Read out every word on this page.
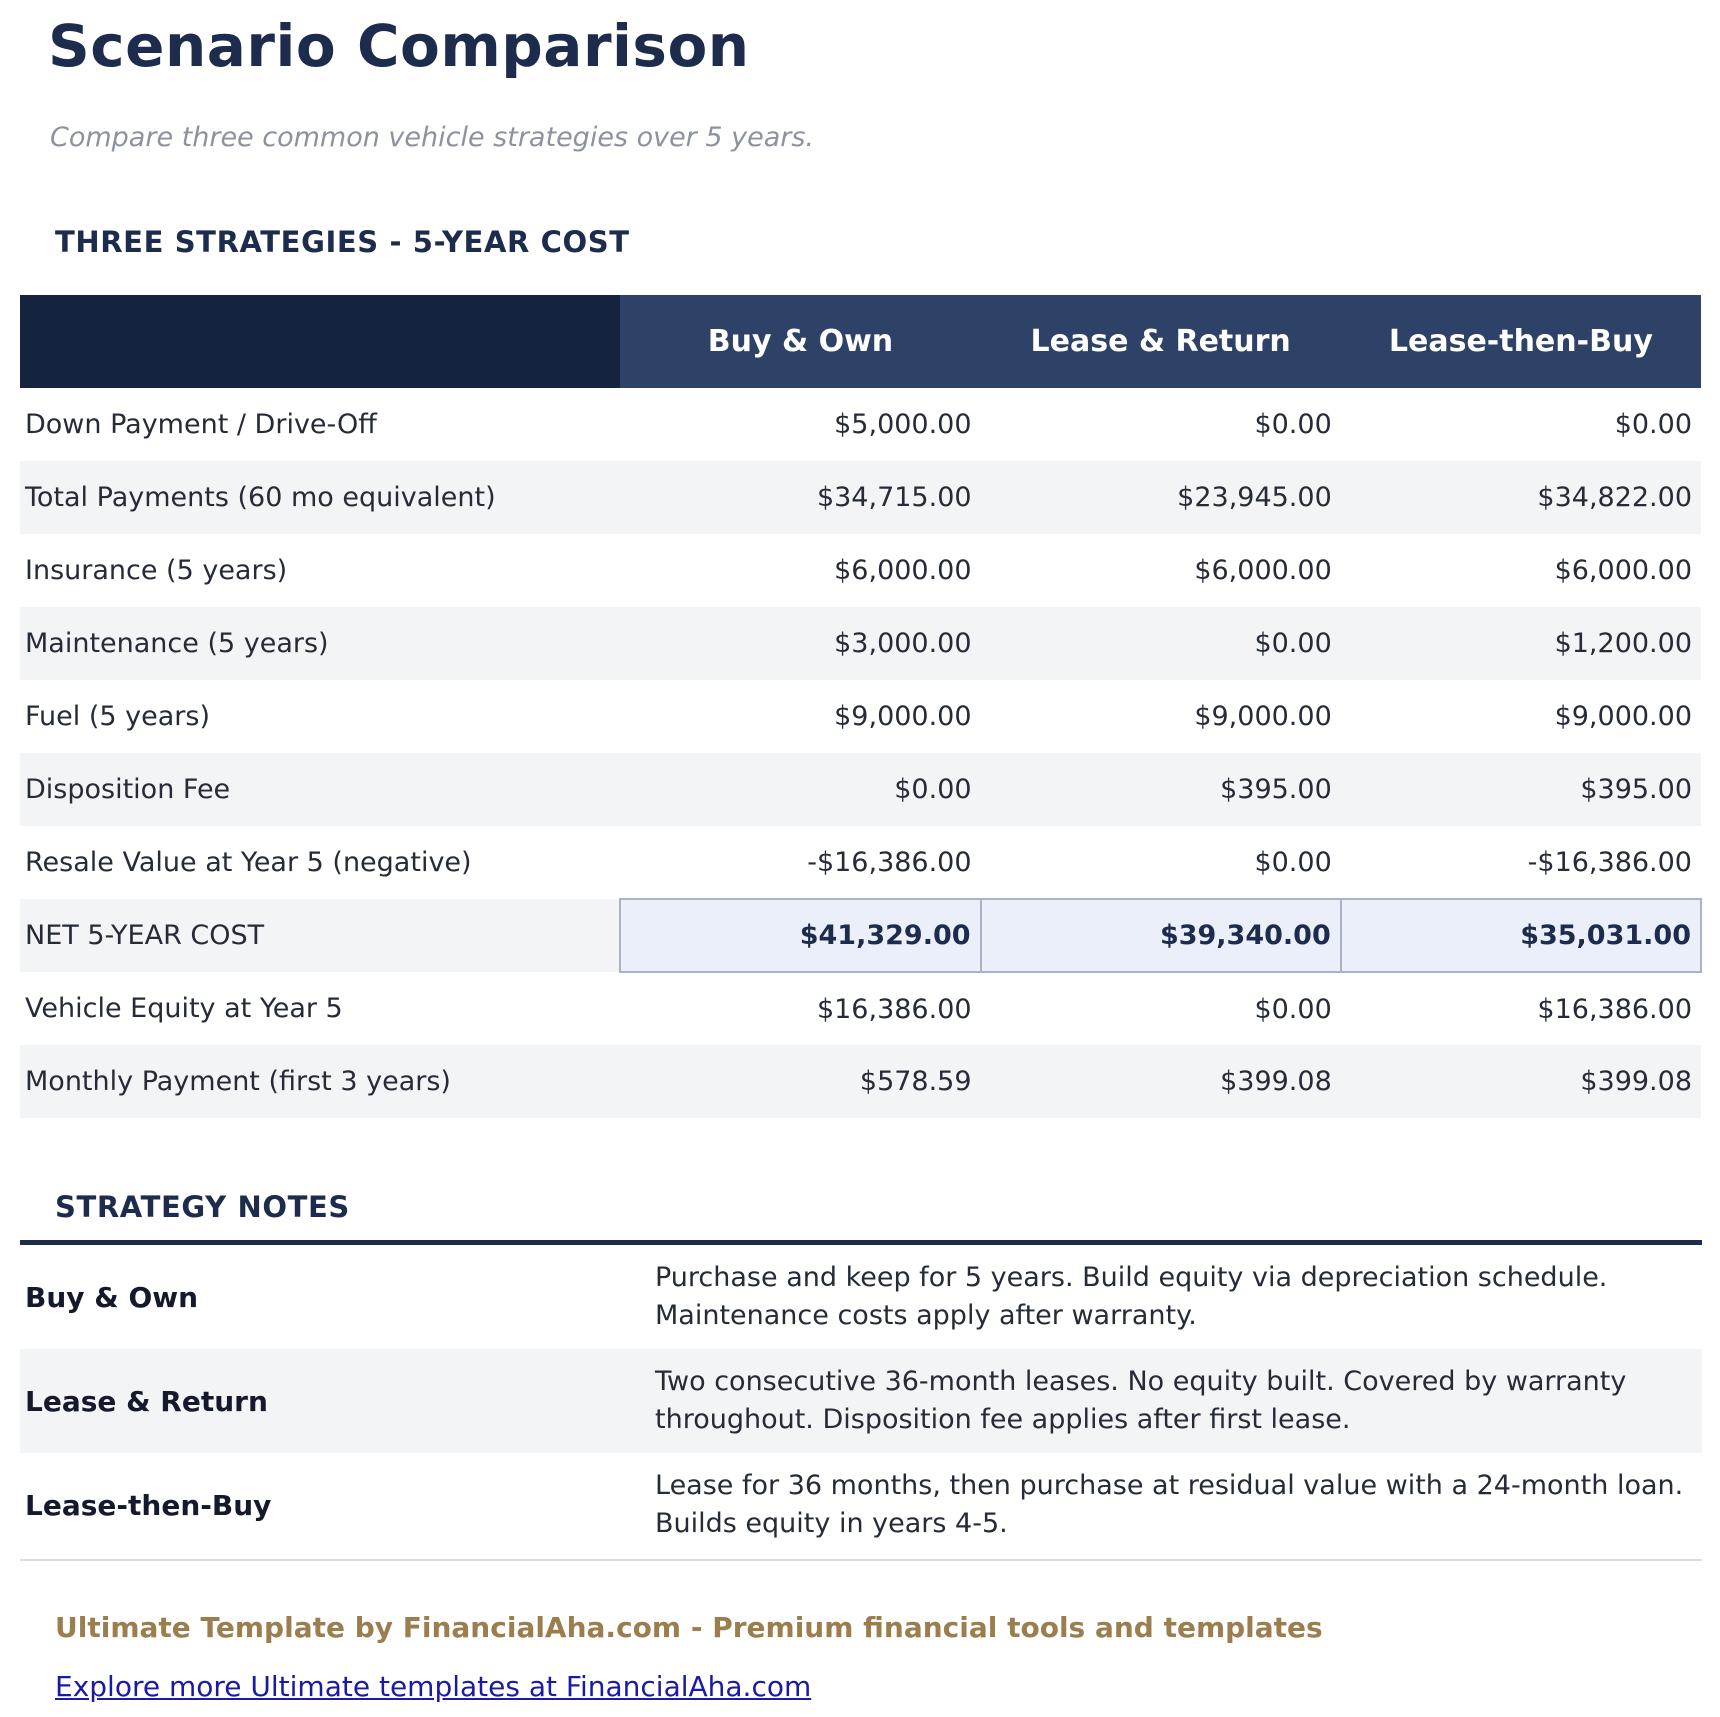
Scenario Comparison

Compare three common vehicle strategies over 5 years.

THREE STRATEGIES - 5-YEAR COST
	Buy & Own	Lease & Return	Lease-then-Buy
Down Payment / Drive-Off	$5,000.00	$0.00	$0.00
Total Payments (60 mo equivalent)	$34,715.00	$23,945.00	$34,822.00
Insurance (5 years)	$6,000.00	$6,000.00	$6,000.00
Maintenance (5 years)	$3,000.00	$0.00	$1,200.00
Fuel (5 years)	$9,000.00	$9,000.00	$9,000.00
Disposition Fee	$0.00	$395.00	$395.00
Resale Value at Year 5 (negative)	-$16,386.00	$0.00	-$16,386.00
NET 5-YEAR COST	$41,329.00	$39,340.00	$35,031.00
Vehicle Equity at Year 5	$16,386.00	$0.00	$16,386.00
Monthly Payment (first 3 years)	$578.59	$399.08	$399.08
STRATEGY NOTES
Buy & Own	Purchase and keep for 5 years. Build equity via depreciation schedule. Maintenance costs apply after warranty.
Lease & Return	Two consecutive 36-month leases. No equity built. Covered by warranty throughout. Disposition fee applies after first lease.
Lease-then-Buy	Lease for 36 months, then purchase at residual value with a 24-month loan. Builds equity in years 4-5.

Ultimate Template by FinancialAha.com - Premium financial tools and templates

Explore more Ultimate templates at FinancialAha.com
